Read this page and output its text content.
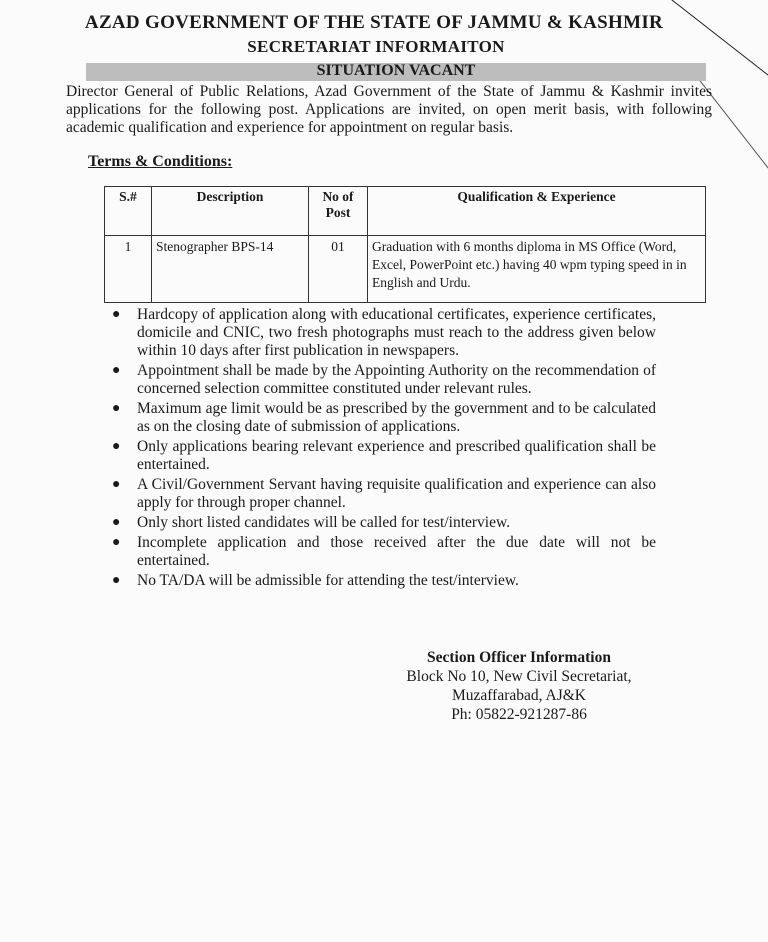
AZAD GOVERNMENT OF THE STATE OF JAMMU & KASHMIR
SECRETARIAT INFORMAITON
SITUATION VACANT
Director General of Public Relations, Azad Government of the State of Jammu & Kashmir invites applications for the following post. Applications are invited, on open merit basis, with following academic qualification and experience for appointment on regular basis.
Terms & Conditions:
S.#	Description	No of Post	Qualification & Experience
1	Stenographer BPS-14	01	Graduation with 6 months diploma in MS Office (Word, Excel, PowerPoint etc.) having 40 wpm typing speed in in English and Urdu.
● Hardcopy of application along with educational certificates, experience certificates, domicile and CNIC, two fresh photographs must reach to the address given below within 10 days after first publication in newspapers.
● Appointment shall be made by the Appointing Authority on the recommendation of concerned selection committee constituted under relevant rules.
● Maximum age limit would be as prescribed by the government and to be calculated as on the closing date of submission of applications.
● Only applications bearing relevant experience and prescribed qualification shall be entertained.
● A Civil/Government Servant having requisite qualification and experience can also apply for through proper channel.
● Only short listed candidates will be called for test/interview.
● Incomplete application and those received after the due date will not be entertained.
● No TA/DA will be admissible for attending the test/interview.
Section Officer Information
Block No 10, New Civil Secretariat,
Muzaffarabad, AJ&K
Ph: 05822-921287-86
